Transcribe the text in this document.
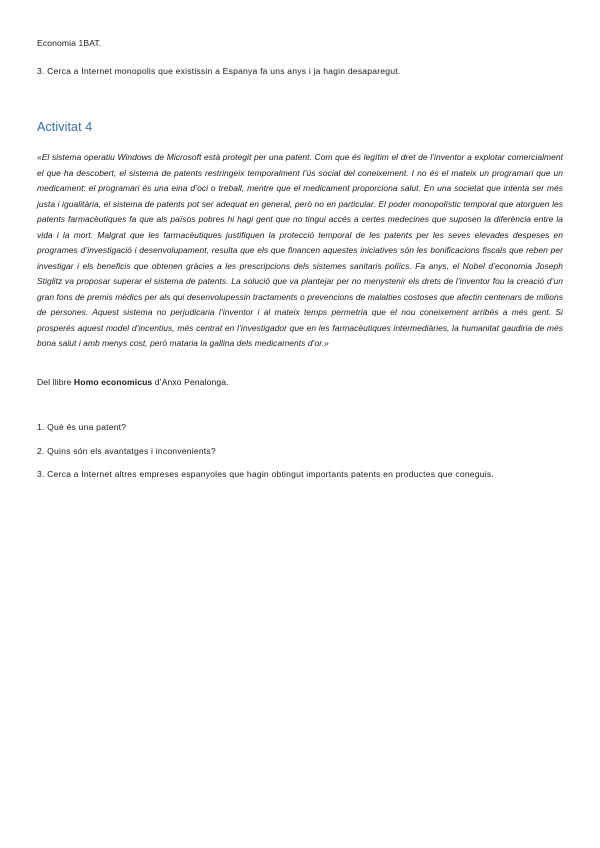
Economia 1BAT.
3. Cerca a Internet monopolis que existissin a Espanya fa uns anys i ja hagin desaparegut.
Activitat 4
«El sistema operatiu Windows de Microsoft està protegit per una patent. Com que és legítim el dret de l’inventor a explotar comercialment el que ha descobert, el sistema de patents restringeix temporalment l’ús social del coneixement. I no és el mateix un programari que un medicament: el programari és una eina d’oci o treball, mentre que el medicament proporciona salut. En una societat que intenta ser més justa i igualitària, el sistema de patents pot ser adequat en general, però no en particular. El poder monopolístic temporal que atorguen les patents farmacèutiques fa que als països pobres hi hagi gent que no tingui accés a certes medecines que suposen la diferència entre la vida i la mort. Malgrat que les farmacèutiques justifiquen la protecció temporal de les patents per les seves elevades despeses en programes d’investigació i desenvolupament, resulta que els que financen aquestes iniciatives són les bonificacions fiscals que reben per investigar i els beneficis que obtenen gràcies a les prescripcions dels sistemes sanitaris políics. Fa anys, el Nobel d’economia Joseph Stiglitz va proposar superar el sistema de patents. La solució que va plantejar per no menystenir els drets de l’inventor fou la creació d’un gran fons de premis mèdics per als qui desenvolupessin tractaments o prevencions de malalties costoses que afectin centenars de milions de persones. Aquest sistema no perjudicaria l’inventor i al mateix temps permetria que el nou coneixement arribés a més gent. Si prosperés aquest model d’incentius, més centrat en l’investigador que en les farmacèutiques intermediàries, la humanitat gaudiria de més bona salut i amb menys cost, però mataria la gallina dels medicaments d’or.»
Del llibre Homo economicus d’Anxo Penalonga.
1. Què és una patent?
2. Quins són els avantatges i inconvenients?
3. Cerca a Internet altres empreses espanyoles que hagin obtingut importants patents en productes que coneguis.
